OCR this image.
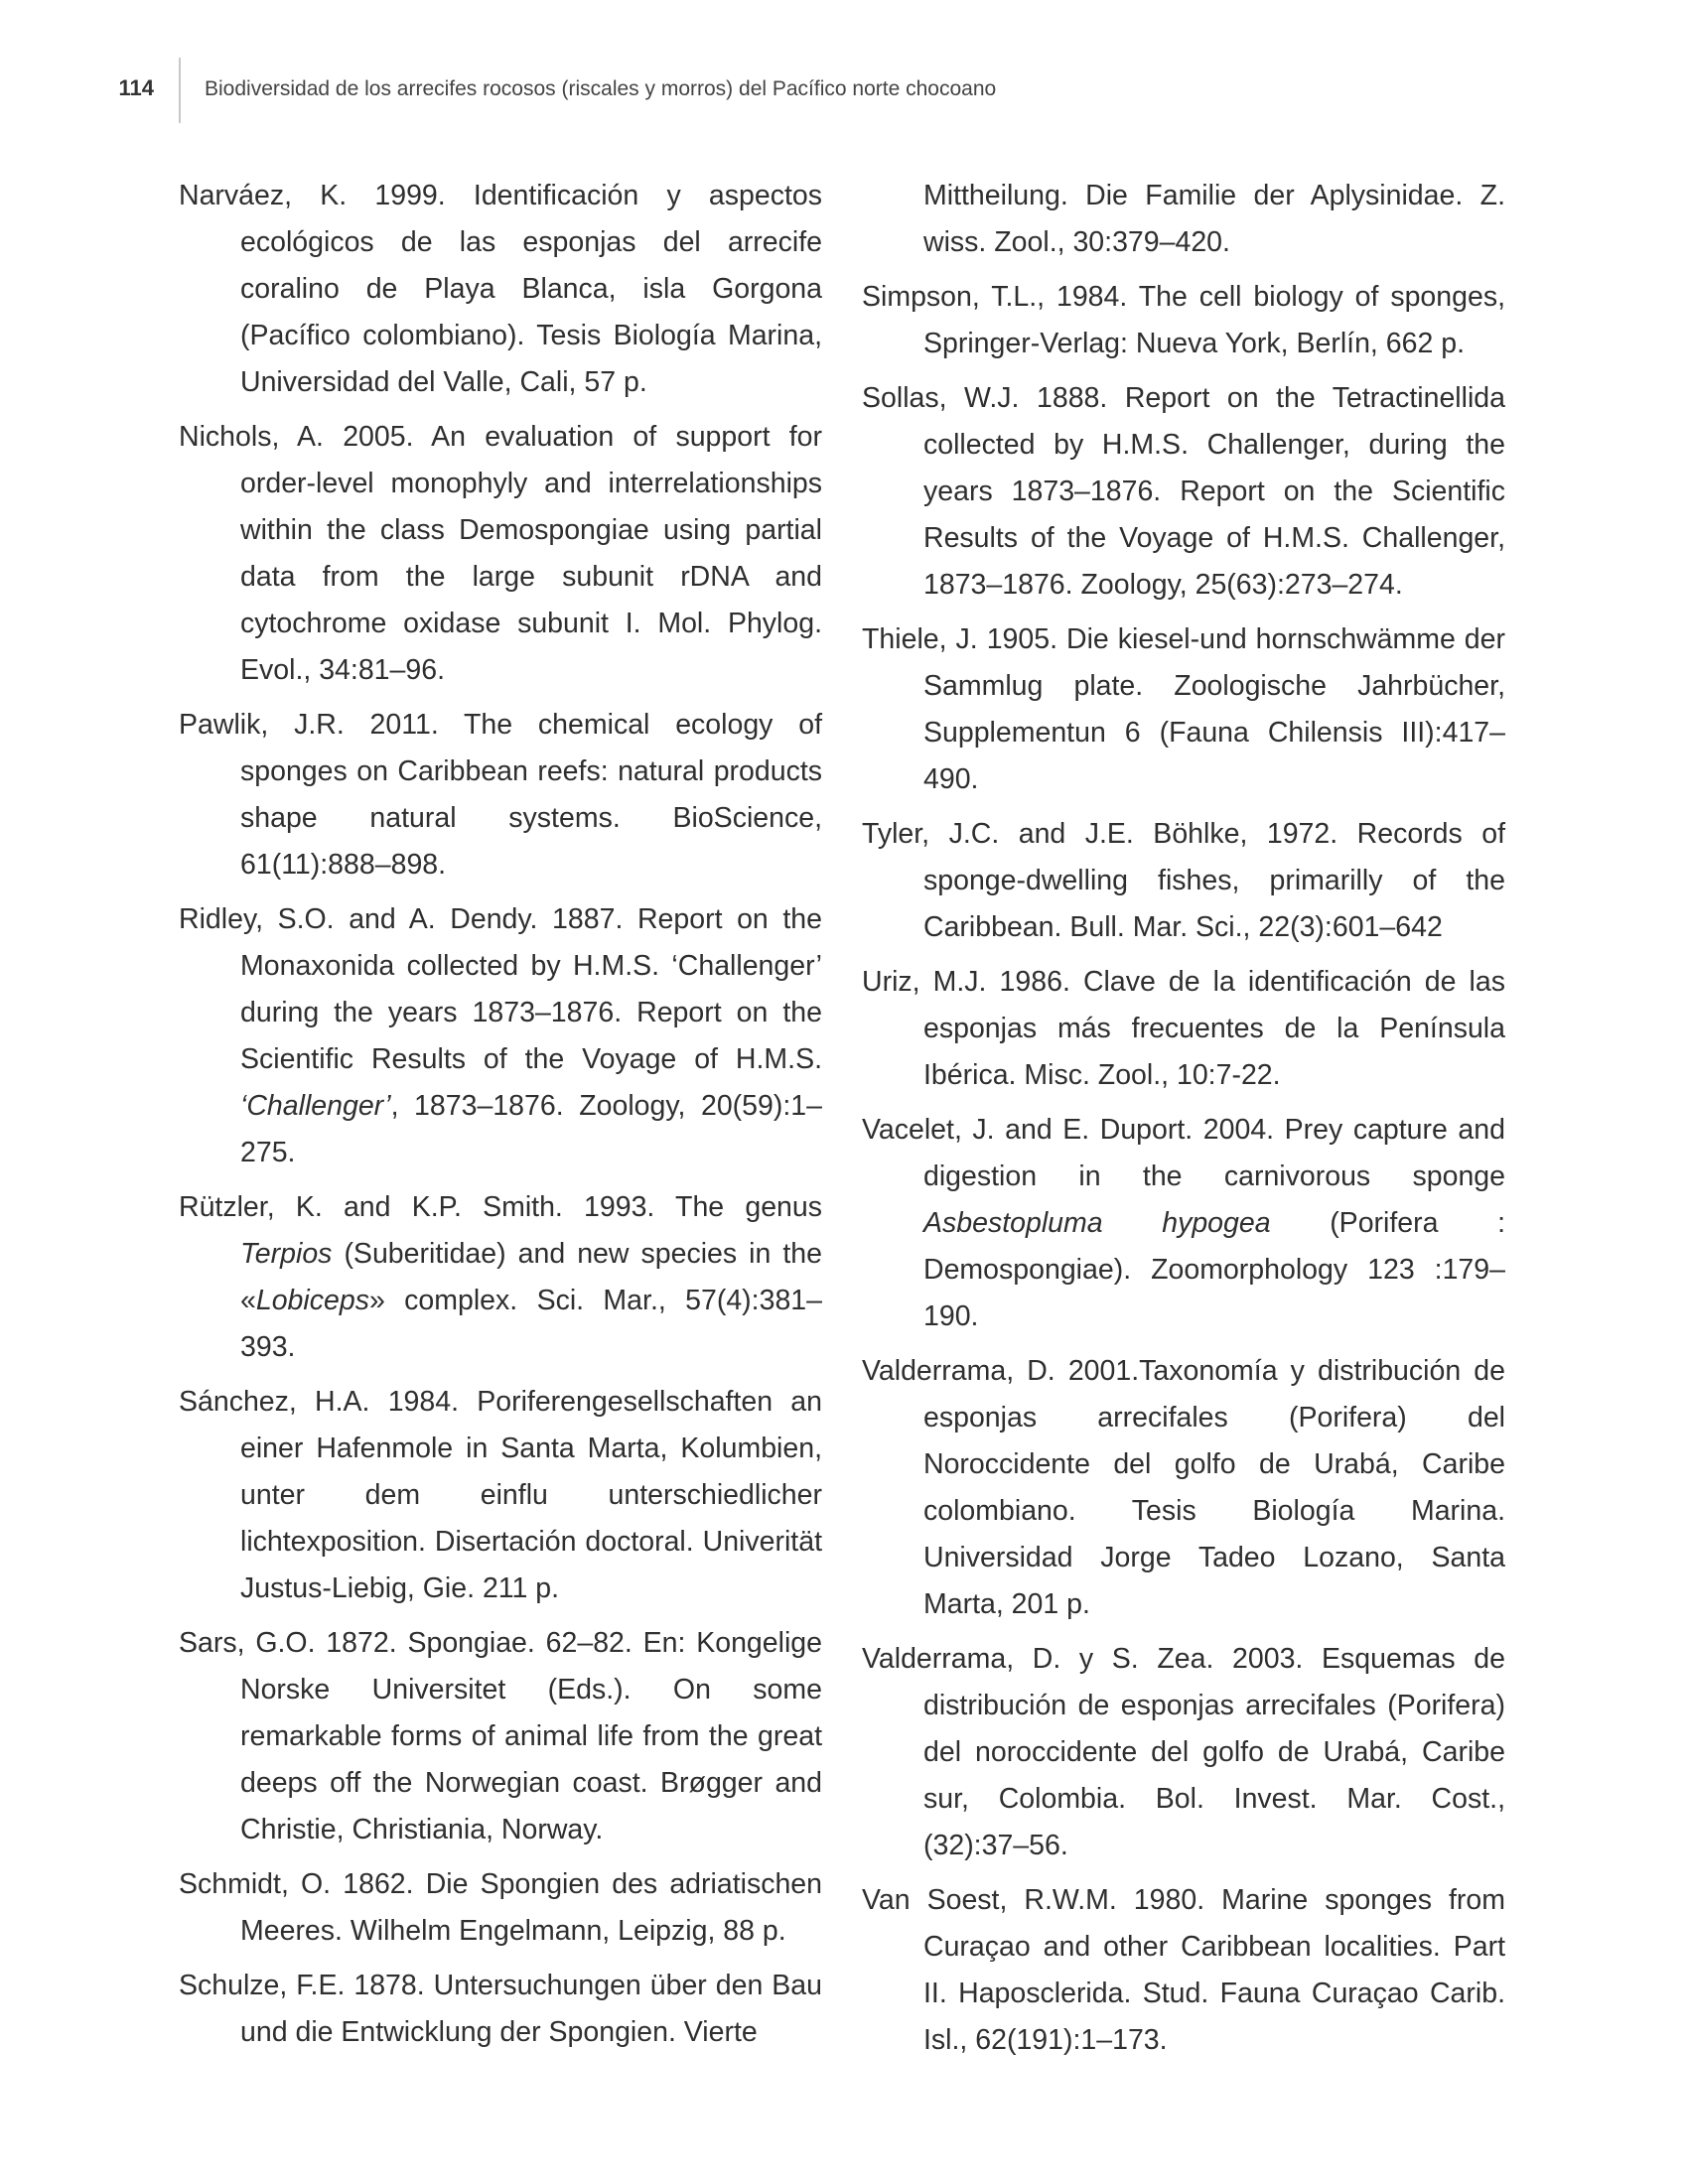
114 Biodiversidad de los arrecifes rocosos (riscales y morros) del Pacífico norte chocoano

Narváez, K. 1999. Identificación y aspectos ecológicos de las esponjas del arrecife coralino de Playa Blanca, isla Gorgona (Pacífico colombiano). Tesis Biología Marina, Universidad del Valle, Cali, 57 p.

Nichols, A. 2005. An evaluation of support for order-level monophyly and interrelationships within the class Demospongiae using partial data from the large subunit rDNA and cytochrome oxidase subunit I. Mol. Phylog. Evol., 34:81–96.

Pawlik, J.R. 2011. The chemical ecology of sponges on Caribbean reefs: natural products shape natural systems. BioScience, 61(11):888–898.

Ridley, S.O. and A. Dendy. 1887. Report on the Monaxonida collected by H.M.S. ‘Challenger’ during the years 1873–1876. Report on the Scientific Results of the Voyage of H.M.S. ‘Challenger’, 1873–1876. Zoology, 20(59):1–275.

Rützler, K. and K.P. Smith. 1993. The genus Terpios (Suberitidae) and new species in the «Lobiceps» complex. Sci. Mar., 57(4):381–393.

Sánchez, H.A. 1984. Poriferengesellschaften an einer Hafenmole in Santa Marta, Kolumbien, unter dem einflu unterschiedlicher lichtexposition. Disertación doctoral. Univerität Justus-Liebig, Gie. 211 p.

Sars, G.O. 1872. Spongiae. 62–82. En: Kongelige Norske Universitet (Eds.). On some remarkable forms of animal life from the great deeps off the Norwegian coast. Brøgger and Christie, Christiania, Norway.

Schmidt, O. 1862. Die Spongien des adriatischen Meeres. Wilhelm Engelmann, Leipzig, 88 p.

Schulze, F.E. 1878. Untersuchungen über den Bau und die Entwicklung der Spongien. Vierte

Mittheilung. Die Familie der Aplysinidae. Z. wiss. Zool., 30:379–420.

Simpson, T.L., 1984. The cell biology of sponges, Springer-Verlag: Nueva York, Berlín, 662 p.

Sollas, W.J. 1888. Report on the Tetractinellida collected by H.M.S. Challenger, during the years 1873–1876. Report on the Scientific Results of the Voyage of H.M.S. Challenger, 1873–1876. Zoology, 25(63):273–274.

Thiele, J. 1905. Die kiesel-und hornschwämme der Sammlug plate. Zoologische Jahrbücher, Supplementun 6 (Fauna Chilensis III):417–490.

Tyler, J.C. and J.E. Böhlke, 1972. Records of sponge-dwelling fishes, primarilly of the Caribbean. Bull. Mar. Sci., 22(3):601–642

Uriz, M.J. 1986. Clave de la identificación de las esponjas más frecuentes de la Península Ibérica. Misc. Zool., 10:7-22.

Vacelet, J. and E. Duport. 2004. Prey capture and digestion in the carnivorous sponge Asbestopluma hypogea (Porifera : Demospongiae). Zoomorphology 123 :179–190.

Valderrama, D. 2001.Taxonomía y distribución de esponjas arrecifales (Porifera) del Noroccidente del golfo de Urabá, Caribe colombiano. Tesis Biología Marina. Universidad Jorge Tadeo Lozano, Santa Marta, 201 p.

Valderrama, D. y S. Zea. 2003. Esquemas de distribución de esponjas arrecifales (Porifera) del noroccidente del golfo de Urabá, Caribe sur, Colombia. Bol. Invest. Mar. Cost., (32):37–56.

Van Soest, R.W.M. 1980. Marine sponges from Curaçao and other Caribbean localities. Part II. Haposclerida. Stud. Fauna Curaçao Carib. Isl., 62(191):1–173.
